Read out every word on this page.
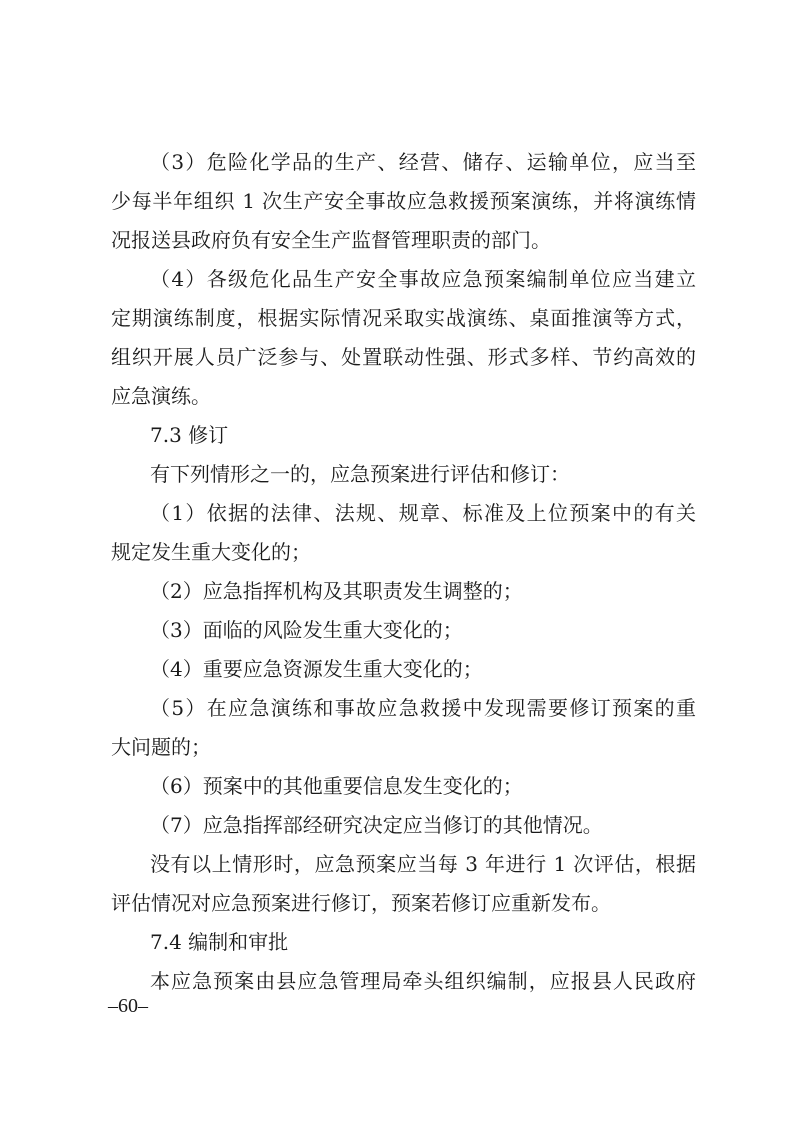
（3）危险化学品的生产、经营、储存、运输单位，应当至
少每半年组织 1 次生产安全事故应急救援预案演练，并将演练情
况报送县政府负有安全生产监督管理职责的部门。
（4）各级危化品生产安全事故应急预案编制单位应当建立
定期演练制度，根据实际情况采取实战演练、桌面推演等方式，
组织开展人员广泛参与、处置联动性强、形式多样、节约高效的
应急演练。
7.3 修订
有下列情形之一的，应急预案进行评估和修订：
（1）依据的法律、法规、规章、标准及上位预案中的有关
规定发生重大变化的；
（2）应急指挥机构及其职责发生调整的；
（3）面临的风险发生重大变化的；
（4）重要应急资源发生重大变化的；
（5）在应急演练和事故应急救援中发现需要修订预案的重
大问题的；
（6）预案中的其他重要信息发生变化的；
（7）应急指挥部经研究决定应当修订的其他情况。
没有以上情形时，应急预案应当每 3 年进行 1 次评估，根据
评估情况对应急预案进行修订，预案若修订应重新发布。
7.4 编制和审批
本应急预案由县应急管理局牵头组织编制，应报县人民政府
–60–
